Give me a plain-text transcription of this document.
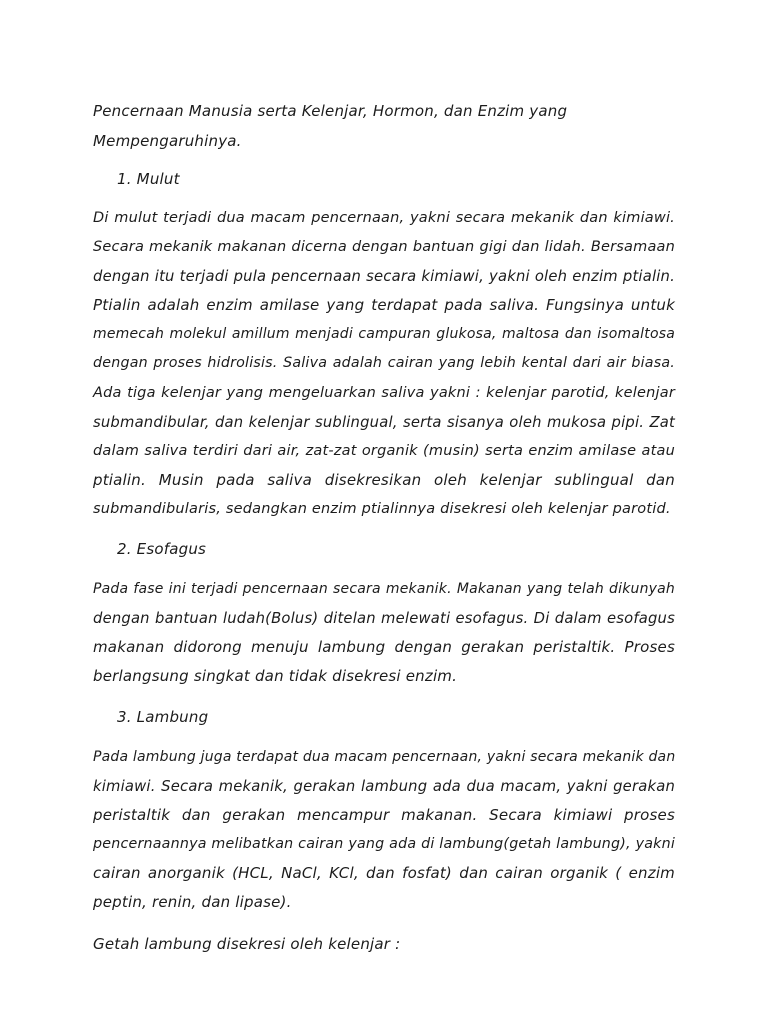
Pencernaan Manusia serta Kelenjar, Hormon, dan Enzim yang
Mempengaruhinya.
1. Mulut
Di mulut terjadi dua macam pencernaan, yakni secara mekanik dan kimiawi.
Secara mekanik makanan dicerna dengan bantuan gigi dan lidah. Bersamaan
dengan itu terjadi pula pencernaan secara kimiawi, yakni oleh enzim ptialin.
Ptialin adalah enzim amilase yang terdapat pada saliva. Fungsinya untuk
memecah molekul amillum menjadi campuran glukosa, maltosa dan isomaltosa
dengan proses hidrolisis. Saliva adalah cairan yang lebih kental dari air biasa.
Ada tiga kelenjar yang mengeluarkan saliva yakni : kelenjar parotid, kelenjar
submandibular, dan kelenjar sublingual, serta sisanya oleh mukosa pipi. Zat
dalam saliva terdiri dari air, zat-zat organik (musin) serta enzim amilase atau
ptialin. Musin pada saliva disekresikan oleh kelenjar sublingual dan
submandibularis, sedangkan enzim ptialinnya disekresi oleh kelenjar parotid.
2. Esofagus
Pada fase ini terjadi pencernaan secara mekanik. Makanan yang telah dikunyah
dengan bantuan ludah(Bolus) ditelan melewati esofagus. Di dalam esofagus
makanan didorong menuju lambung dengan gerakan peristaltik. Proses
berlangsung singkat dan tidak disekresi enzim.
3. Lambung
Pada lambung juga terdapat dua macam pencernaan, yakni secara mekanik dan
kimiawi. Secara mekanik, gerakan lambung ada dua macam, yakni gerakan
peristaltik dan gerakan mencampur makanan. Secara kimiawi proses
pencernaannya melibatkan cairan yang ada di lambung(getah lambung), yakni
cairan anorganik (HCL, NaCl, KCl, dan fosfat) dan cairan organik ( enzim
peptin, renin, dan lipase).
Getah lambung disekresi oleh kelenjar :
